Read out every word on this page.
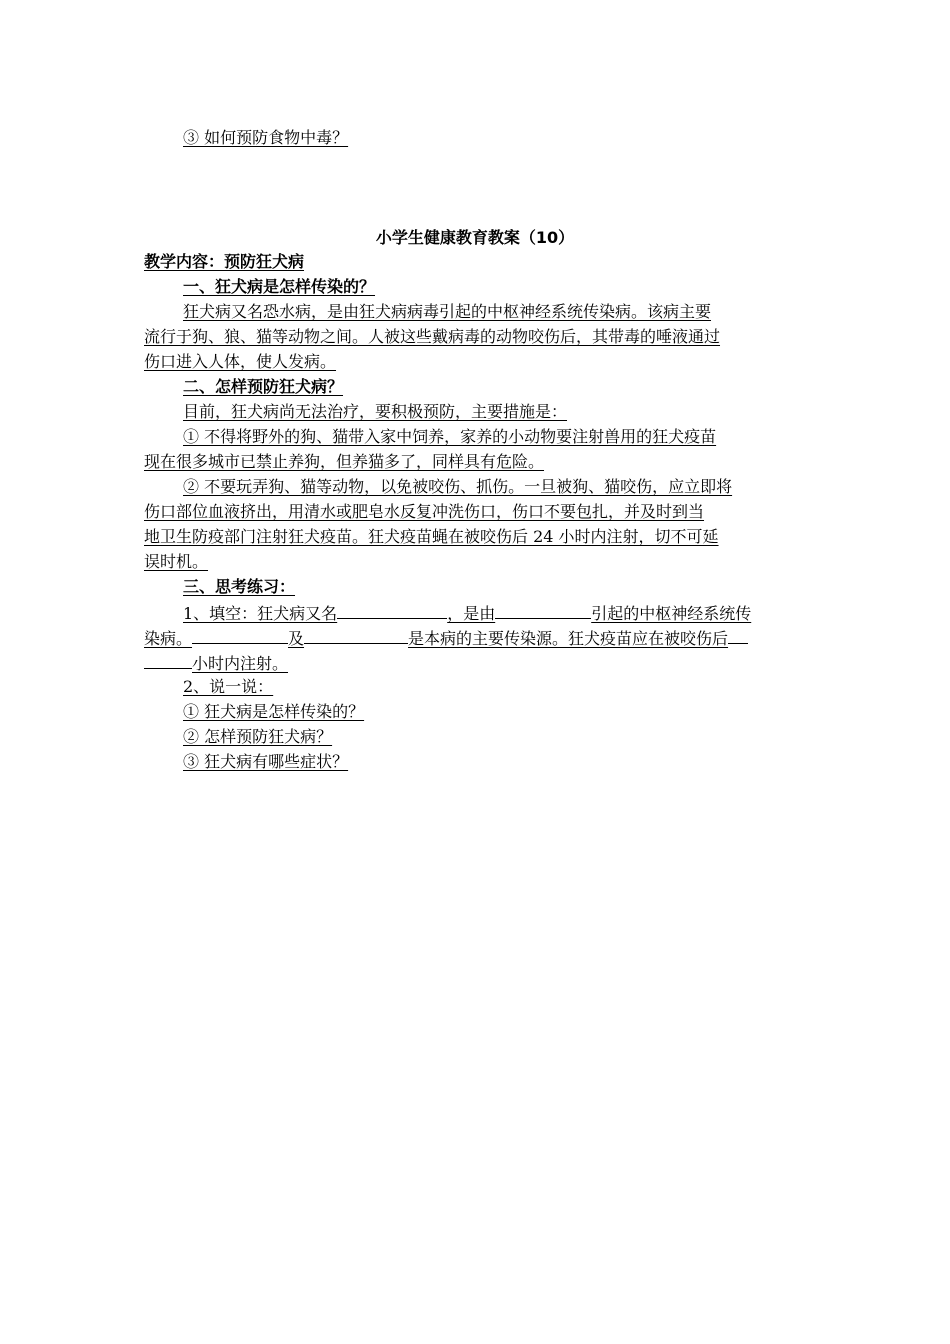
③ 如何预防食物中毒？
小学生健康教育教案（10）
教学内容：预防狂犬病
一、狂犬病是怎样传染的？
狂犬病又名恐水病，是由狂犬病病毒引起的中枢神经系统传染病。该病主要
流行于狗、狼、猫等动物之间。人被这些戴病毒的动物咬伤后，其带毒的唾液通过
伤口进入人体，使人发病。
二、怎样预防狂犬病？
目前，狂犬病尚无法治疗，要积极预防，主要措施是：
① 不得将野外的狗、猫带入家中饲养，家养的小动物要注射兽用的狂犬疫苗
现在很多城市已禁止养狗，但养猫多了，同样具有危险。
② 不要玩弄狗、猫等动物，以免被咬伤、抓伤。一旦被狗、猫咬伤，应立即将
伤口部位血液挤出，用清水或肥皂水反复冲洗伤口，伤口不要包扎，并及时到当
地卫生防疫部门注射狂犬疫苗。狂犬疫苗蝇在被咬伤后 24 小时内注射，切不可延
误时机。
三、思考练习：
1、填空：狂犬病又名	，是由	引起的中枢神经系统传
染病。	及	是本病的主要传染源。狂犬疫苗应在被咬伤后
小时内注射。
2、说一说：
① 狂犬病是怎样传染的？
② 怎样预防狂犬病？
③ 狂犬病有哪些症状？
